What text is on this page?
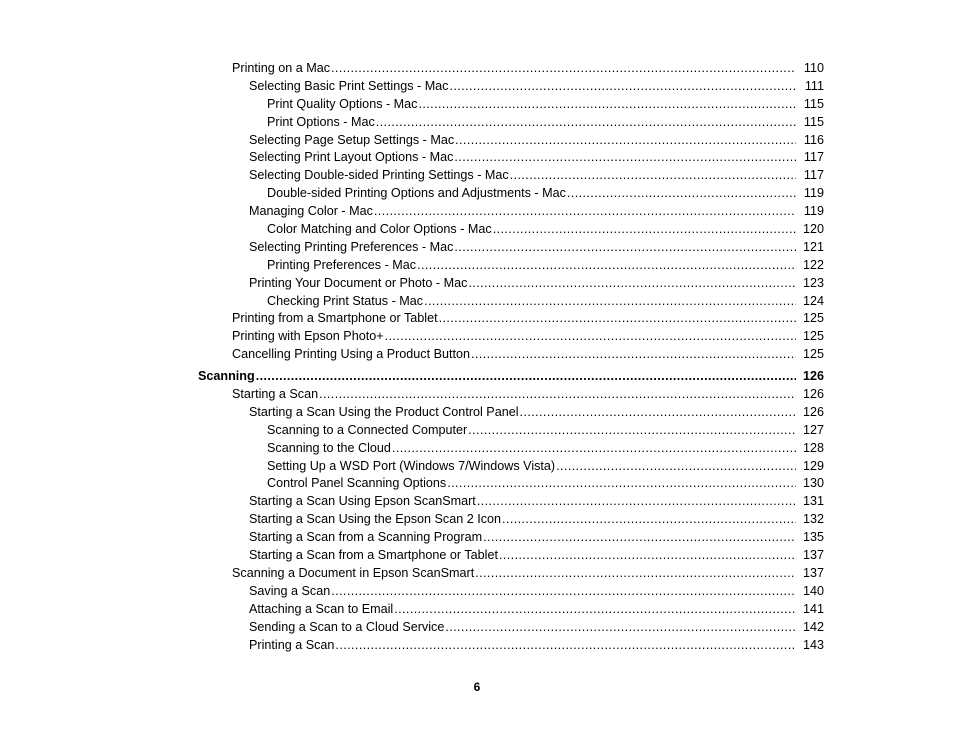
Printing on a Mac .....	110
Selecting Basic Print Settings - Mac .....	111
Print Quality Options - Mac .....	115
Print Options - Mac .....	115
Selecting Page Setup Settings - Mac .....	116
Selecting Print Layout Options - Mac .....	117
Selecting Double-sided Printing Settings - Mac .....	117
Double-sided Printing Options and Adjustments - Mac .....	119
Managing Color - Mac .....	119
Color Matching and Color Options - Mac .....	120
Selecting Printing Preferences - Mac .....	121
Printing Preferences - Mac .....	122
Printing Your Document or Photo - Mac .....	123
Checking Print Status - Mac .....	124
Printing from a Smartphone or Tablet .....	125
Printing with Epson Photo+ .....	125
Cancelling Printing Using a Product Button .....	125
Scanning .....	126
Starting a Scan .....	126
Starting a Scan Using the Product Control Panel .....	126
Scanning to a Connected Computer .....	127
Scanning to the Cloud .....	128
Setting Up a WSD Port (Windows 7/Windows Vista) .....	129
Control Panel Scanning Options .....	130
Starting a Scan Using Epson ScanSmart .....	131
Starting a Scan Using the Epson Scan 2 Icon .....	132
Starting a Scan from a Scanning Program .....	135
Starting a Scan from a Smartphone or Tablet .....	137
Scanning a Document in Epson ScanSmart .....	137
Saving a Scan .....	140
Attaching a Scan to Email .....	141
Sending a Scan to a Cloud Service .....	142
Printing a Scan .....	143
6
